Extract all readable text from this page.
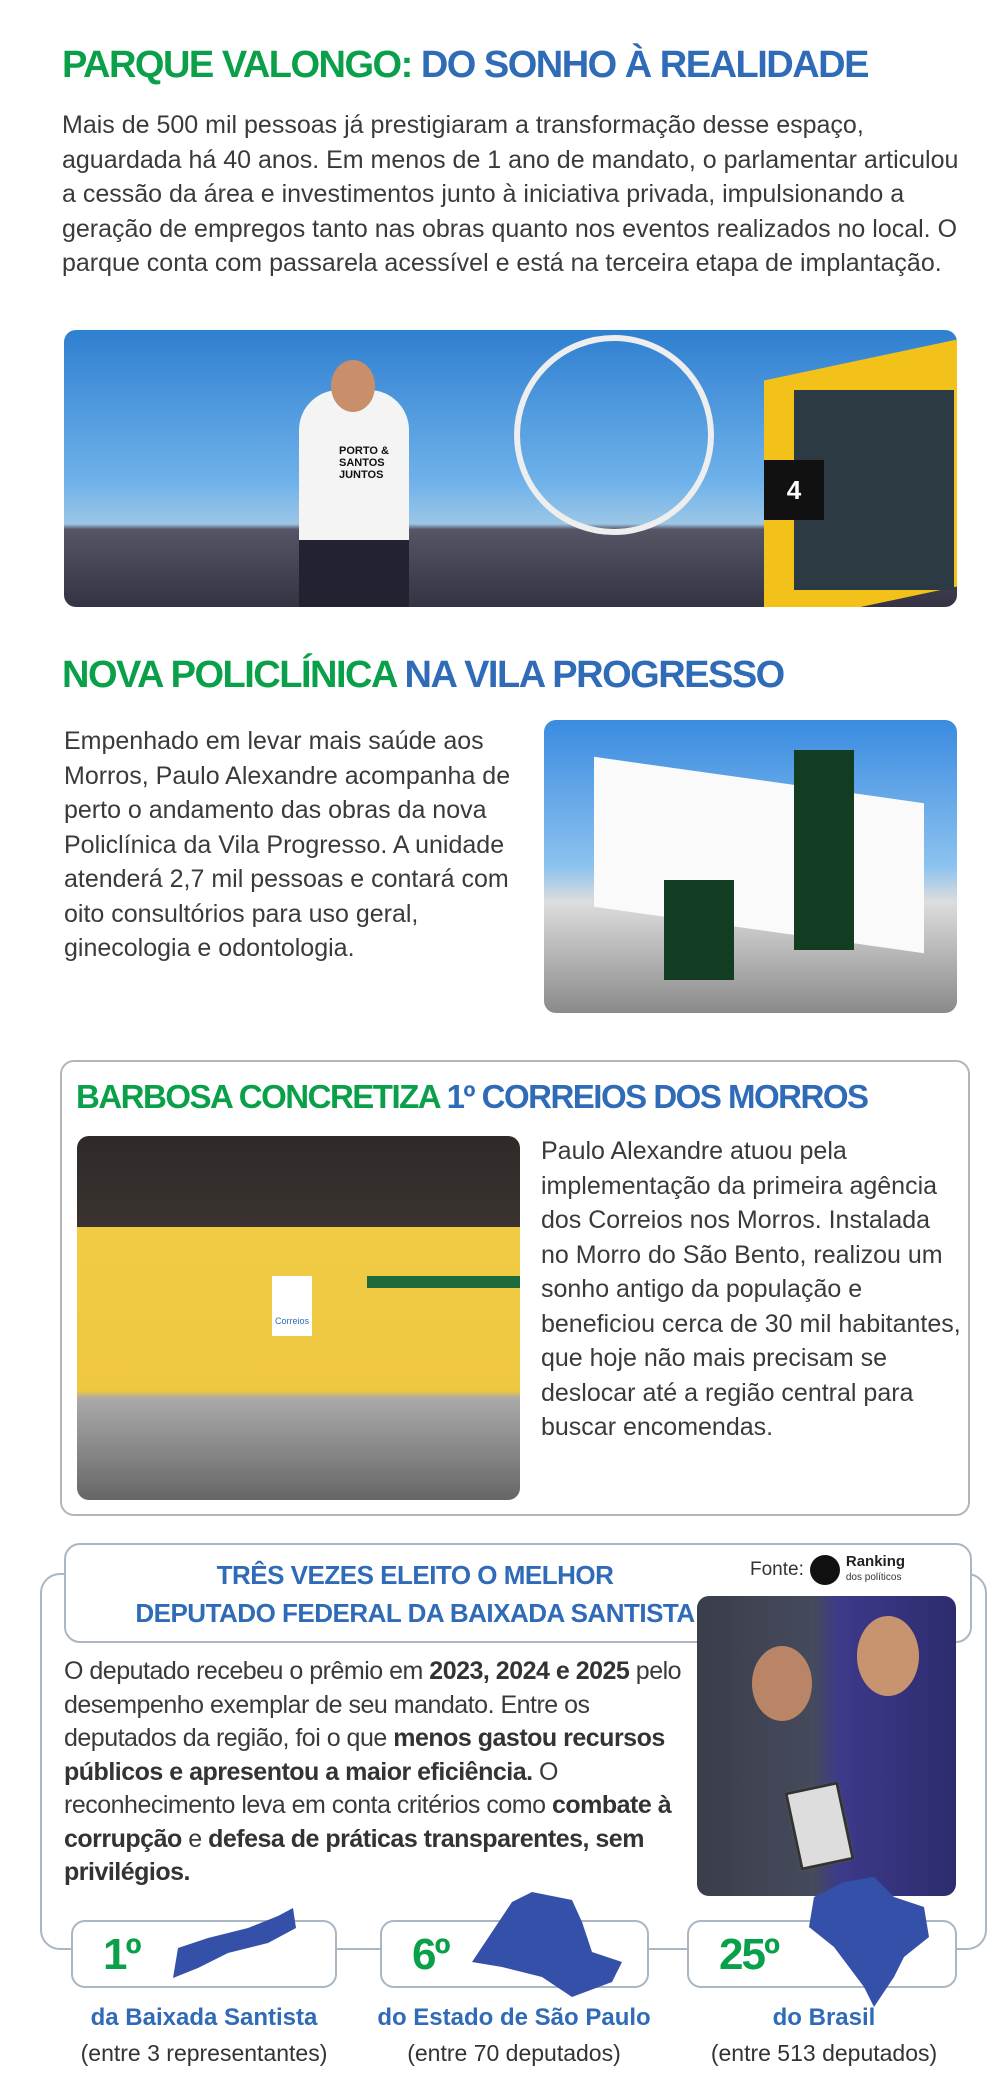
PARQUE VALONGO: DO SONHO À REALIDADE
Mais de 500 mil pessoas já prestigiaram a transformação desse espaço, aguardada há 40 anos. Em menos de 1 ano de mandato, o parlamentar articulou a cessão da área e investimentos junto à iniciativa privada, impulsionando a geração de empregos tanto nas obras quanto nos eventos realizados no local. O parque conta com passarela acessível e está na terceira etapa de implantação.
4
PORTO & SANTOS JUNTOS
NOVA POLICLÍNICA NA VILA PROGRESSO
Empenhado em levar mais saúde aos Morros, Paulo Alexandre acompanha de perto o andamento das obras da nova Policlínica da Vila Progresso. A unidade atenderá 2,7 mil pessoas e contará com oito consultórios para uso geral, ginecologia e odontologia.
BARBOSA CONCRETIZA 1º CORREIOS DOS MORROS
Correios
Paulo Alexandre atuou pela implementação da primeira agência dos Correios nos Morros. Instalada no Morro do São Bento, realizou um sonho antigo da população e beneficiou cerca de 30 mil habitantes, que hoje não mais precisam se deslocar até a região central para buscar encomendas.
TRÊS VEZES ELEITO O MELHOR
DEPUTADO FEDERAL DA BAIXADA SANTISTA
Fonte:	Ranking
dos políticos
O deputado recebeu o prêmio em 2023, 2024 e 2025 pelo desempenho exemplar de seu mandato. Entre os deputados da região, foi o que menos gastou recursos públicos e apresentou a maior eficiência. O reconhecimento leva em conta critérios como combate à corrupção e defesa de práticas transparentes, sem privilégios.
1º	6º	25º
da Baixada Santista	do Estado de São Paulo	do Brasil
(entre 3 representantes)	(entre 70 deputados)	(entre 513 deputados)
